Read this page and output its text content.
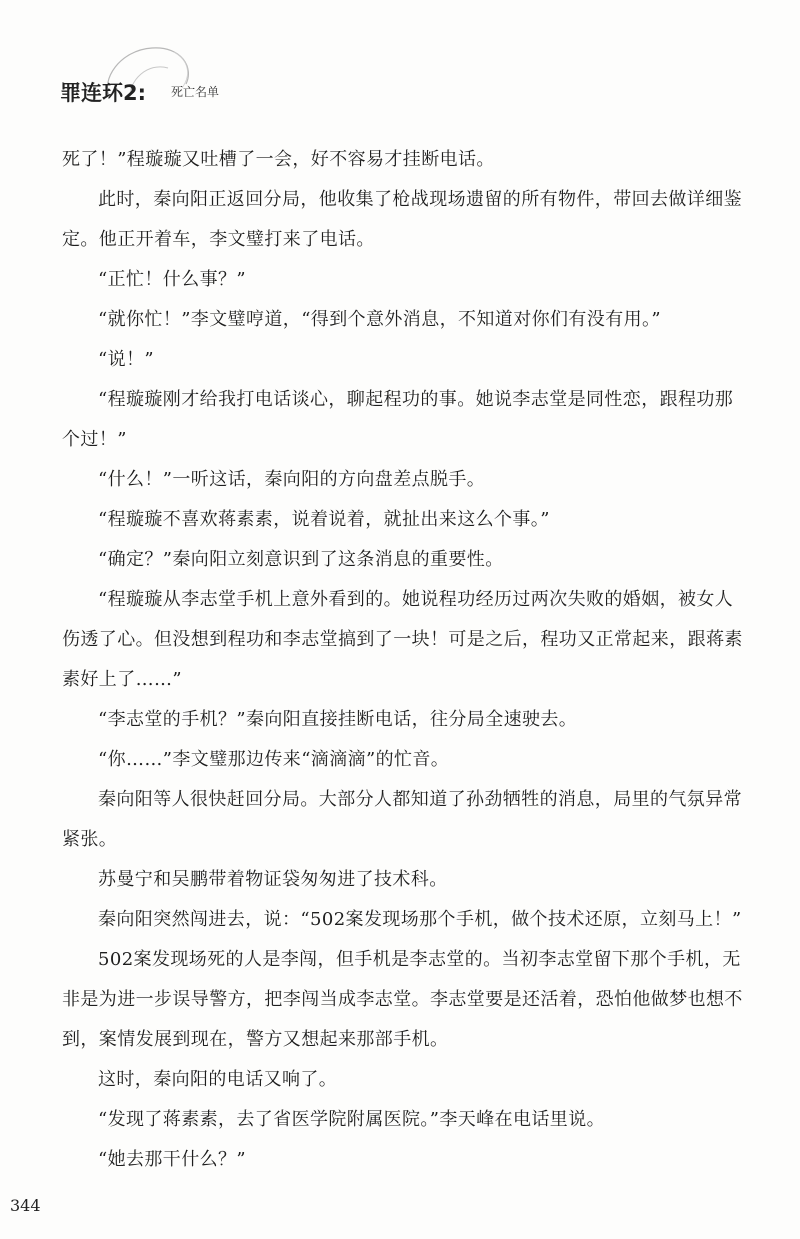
罪连环2: 死亡名单

死了！”程璇璇又吐槽了一会，好不容易才挂断电话。

此时，秦向阳正返回分局，他收集了枪战现场遗留的所有物件，带回去做详细鉴定。他正开着车，李文璧打来了电话。

“正忙！什么事？”

“就你忙！”李文璧哼道，“得到个意外消息，不知道对你们有没有用。”

“说！”

“程璇璇刚才给我打电话谈心，聊起程功的事。她说李志堂是同性恋，跟程功那个过！”

“什么！”一听这话，秦向阳的方向盘差点脱手。

“程璇璇不喜欢蒋素素，说着说着，就扯出来这么个事。”

“确定？”秦向阳立刻意识到了这条消息的重要性。

“程璇璇从李志堂手机上意外看到的。她说程功经历过两次失败的婚姻，被女人伤透了心。但没想到程功和李志堂搞到了一块！可是之后，程功又正常起来，跟蒋素素好上了……”

“李志堂的手机？”秦向阳直接挂断电话，往分局全速驶去。

“你……”李文璧那边传来“滴滴滴”的忙音。

秦向阳等人很快赶回分局。大部分人都知道了孙劲牺牲的消息，局里的气氛异常紧张。

苏曼宁和吴鹏带着物证袋匆匆进了技术科。

秦向阳突然闯进去，说：“502案发现场那个手机，做个技术还原，立刻马上！”

502案发现场死的人是李闯，但手机是李志堂的。当初李志堂留下那个手机，无非是为进一步误导警方，把李闯当成李志堂。李志堂要是还活着，恐怕他做梦也想不到，案情发展到现在，警方又想起来那部手机。

这时，秦向阳的电话又响了。

“发现了蒋素素，去了省医学院附属医院。”李天峰在电话里说。

“她去那干什么？”

344
